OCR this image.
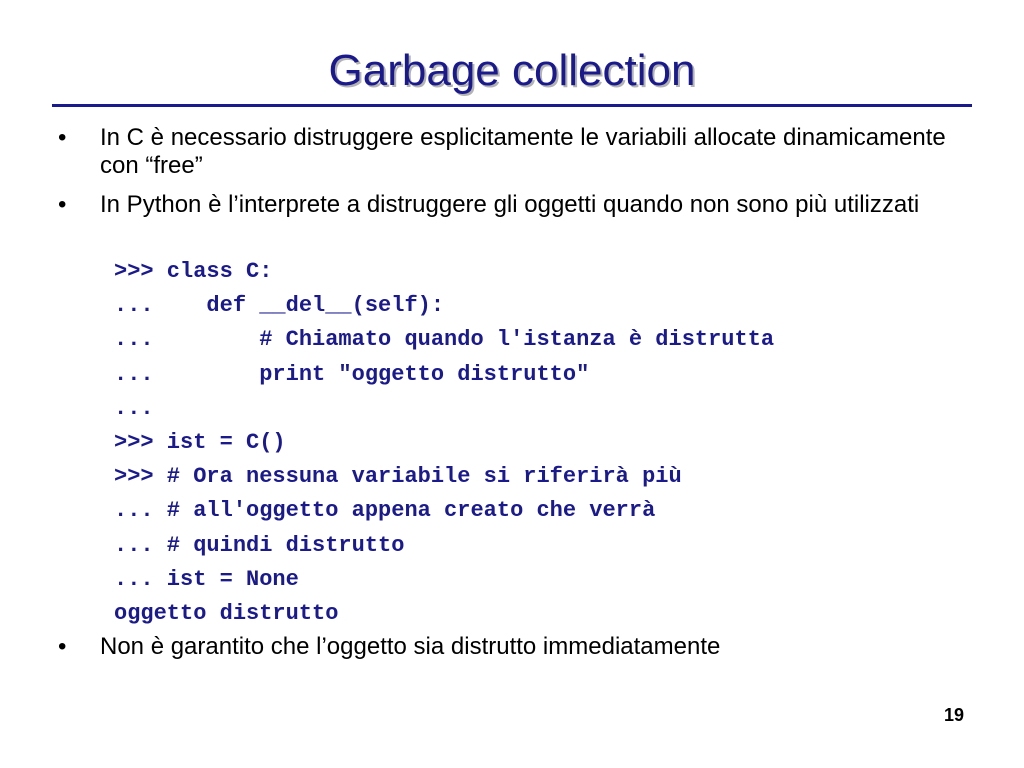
Garbage collection
• In C è necessario distruggere esplicitamente le variabili allocate dinamicamente con “free”
• In Python è l’interprete a distruggere gli oggetti quando non sono più utilizzati
>>> class C:
...    def __del__(self):
...        # Chiamato quando l'istanza è distrutta
...        print "oggetto distrutto"
...
>>> ist = C()
>>> # Ora nessuna variabile si riferirà più
... # all'oggetto appena creato che verrà
... # quindi distrutto
... ist = None
oggetto distrutto
• Non è garantito che l’oggetto sia distrutto immediatamente
19
